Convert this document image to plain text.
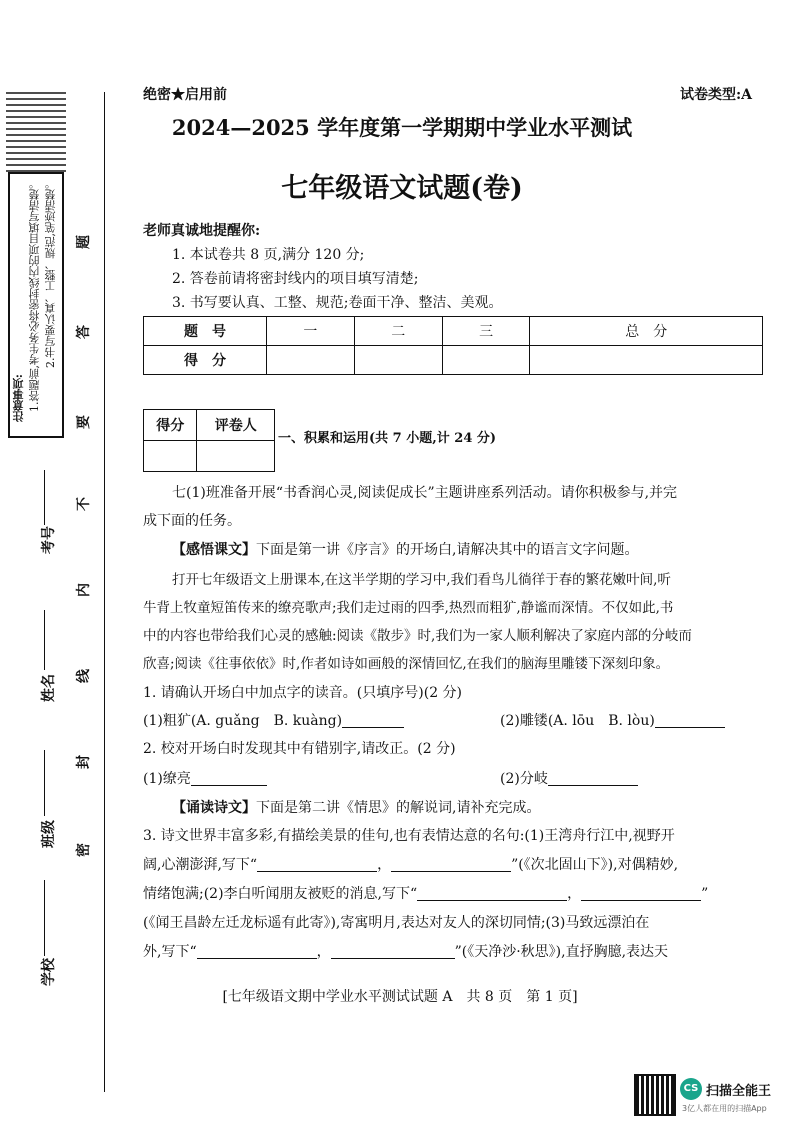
注意事项: 1.答题前,考生务必将密封线内的项目填写清楚。 2.书写要认真、工整、规范,笔迹清楚。 题
答
要
不
内
线
封
密
考号
姓名
班级
学校
绝密★启用前	试卷类型:A
2024—2025 学年度第一学期期中学业水平测试
七年级语文试题(卷)
老师真诚地提醒你:
1. 本试卷共 8 页,满分 120 分;
2. 答卷前请将密封线内的项目填写清楚;
3. 书写要认真、工整、规范;卷面干净、整洁、美观。
题　号	一	二	三	总　分
得　分				
得分	评卷人

一、积累和运用(共 7 小题,计 24 分)
七(1)班准备开展“书香润心灵,阅读促成长”主题讲座系列活动。请你积极参与,并完
成下面的任务。
【感悟课文】下面是第一讲《序言》的开场白,请解决其中的语言文字问题。
打开七年级语文上册课本,在这半学期的学习中,我们看鸟儿徜徉于春的繁花嫩叶间,听
牛背上牧童短笛传来的缭亮歌声;我们走过雨的四季,热烈而粗犷,静谧而深情。不仅如此,书
中的内容也带给我们心灵的感触:阅读《散步》时,我们为一家人顺利解决了家庭内部的分岐而
欣喜;阅读《往事依依》时,作者如诗如画般的深情回忆,在我们的脑海里雕镂下深刻印象。
1. 请确认开场白中加点字的读音。(只填序号)(2 分)
(1)粗犷(A. guǎng　B. kuàng)	(2)雕镂(A. lōu　B. lòu)
2. 校对开场白时发现其中有错别字,请改正。(2 分)
(1)缭亮	(2)分岐
【诵读诗文】下面是第二讲《情思》的解说词,请补充完成。
3. 诗文世界丰富多彩,有描绘美景的佳句,也有表情达意的名句:(1)王湾舟行江中,视野开
阔,心潮澎湃,写下“	，	”(《次北固山下》),对偶精妙,
情绪饱满;(2)李白听闻朋友被贬的消息,写下“	，	”
(《闻王昌龄左迁龙标遥有此寄》),寄寓明月,表达对友人的深切同情;(3)马致远漂泊在
外,写下“	，	”(《天净沙·秋思》),直抒胸臆,表达天
[七年级语文期中学业水平测试试题 A　共 8 页　第 1 页]
CS 扫描全能王
3亿人都在用的扫描App
